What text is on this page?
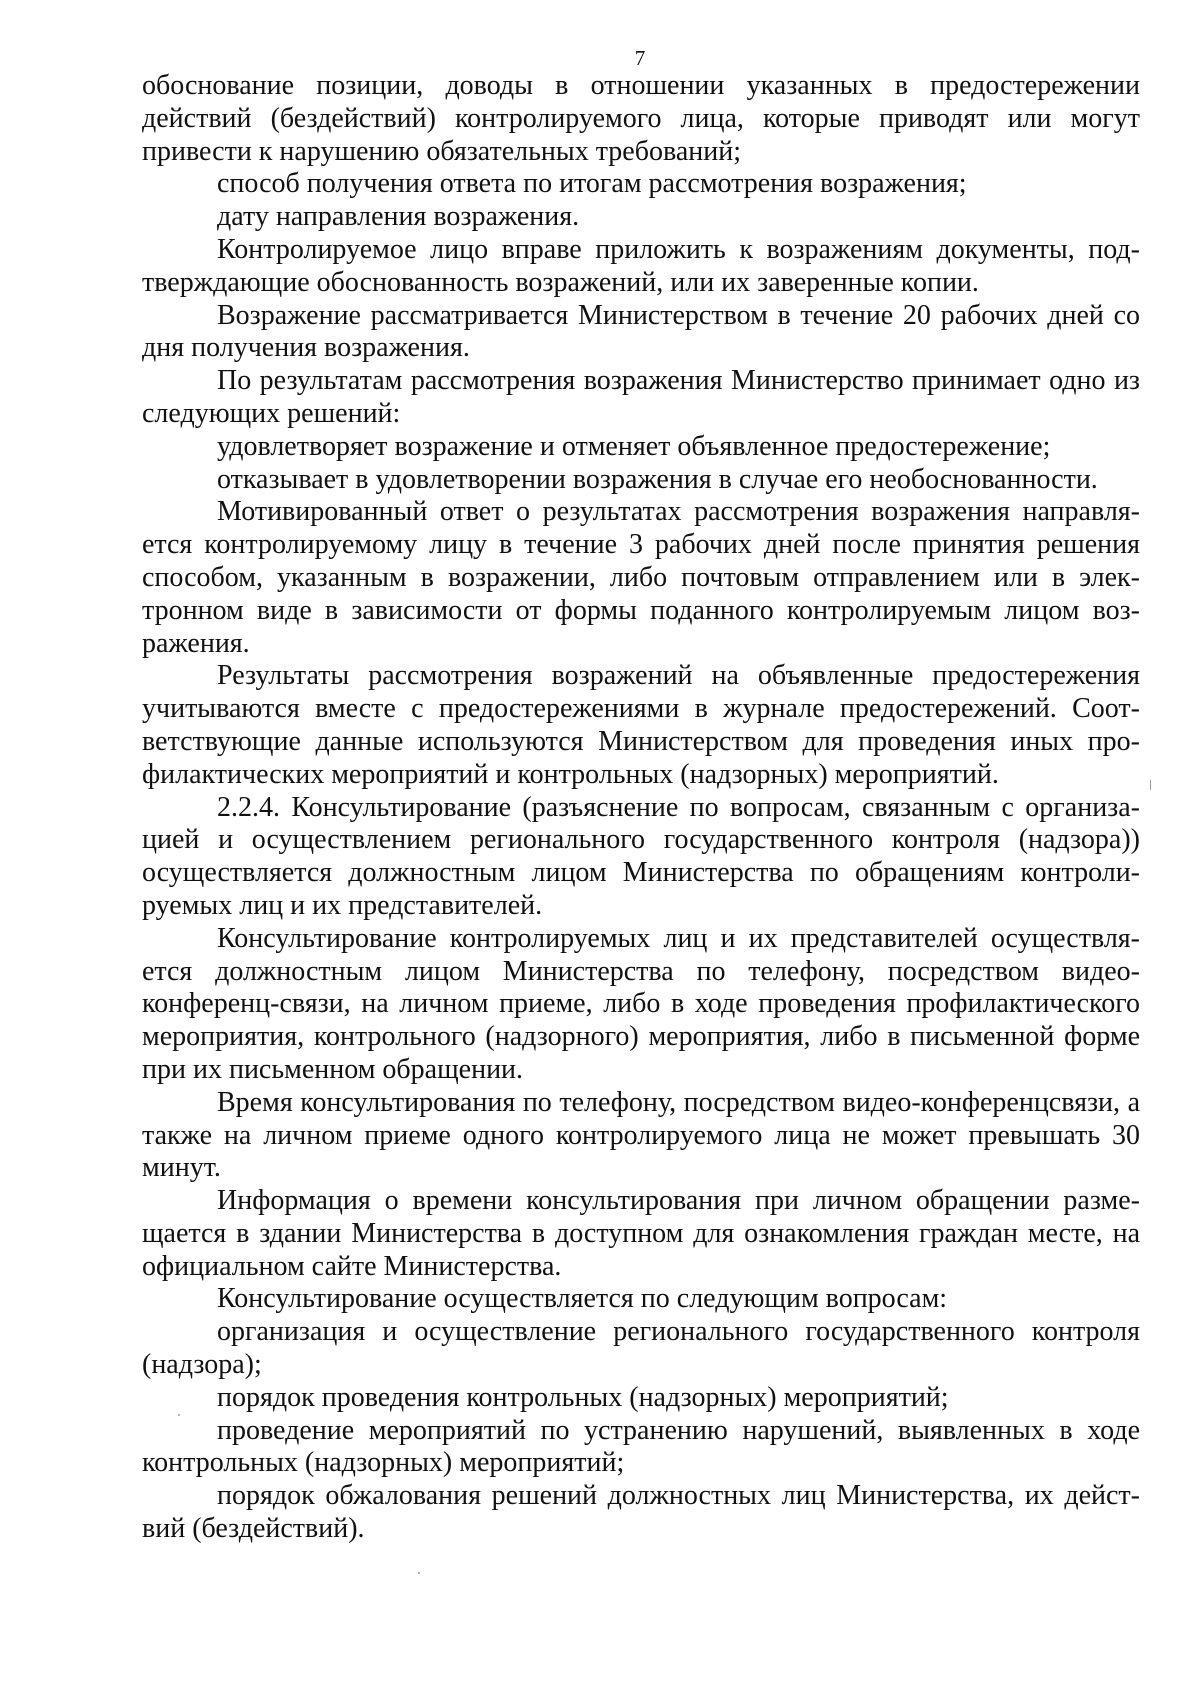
7

обоснование позиции, доводы в отношении указанных в предостережении действий (бездействий) контролируемого лица, которые приводят или могут привести к нарушению обязательных требований;

способ получения ответа по итогам рассмотрения возражения;

дату направления возражения.

Контролируемое лицо вправе приложить к возражениям документы, подтверждающие обоснованность возражений, или их заверенные копии.

Возражение рассматривается Министерством в течение 20 рабочих дней со дня получения возражения.

По результатам рассмотрения возражения Министерство принимает одно из следующих решений:

удовлетворяет возражение и отменяет объявленное предостережение;

отказывает в удовлетворении возражения в случае его необоснованности.

Мотивированный ответ о результатах рассмотрения возражения направляется контролируемому лицу в течение 3 рабочих дней после принятия решения способом, указанным в возражении, либо почтовым отправлением или в электронном виде в зависимости от формы поданного контролируемым лицом возражения.

Результаты рассмотрения возражений на объявленные предостережения учитываются вместе с предостережениями в журнале предостережений. Соответствующие данные используются Министерством для проведения иных профилактических мероприятий и контрольных (надзорных) мероприятий.

2.2.4. Консультирование (разъяснение по вопросам, связанным с организацией и осуществлением регионального государственного контроля (надзора)) осуществляется должностным лицом Министерства по обращениям контролируемых лиц и их представителей.

Консультирование контролируемых лиц и их представителей осуществляется должностным лицом Министерства по телефону, посредством видеоконференц-связи, на личном приеме, либо в ходе проведения профилактического мероприятия, контрольного (надзорного) мероприятия, либо в письменной форме при их письменном обращении.

Время консультирования по телефону, посредством видео-конференцсвязи, а также на личном приеме одного контролируемого лица не может превышать 30 минут.

Информация о времени консультирования при личном обращении размещается в здании Министерства в доступном для ознакомления граждан месте, на официальном сайте Министерства.

Консультирование осуществляется по следующим вопросам:

организация и осуществление регионального государственного контроля (надзора);

порядок проведения контрольных (надзорных) мероприятий;

проведение мероприятий по устранению нарушений, выявленных в ходе контрольных (надзорных) мероприятий;

порядок обжалования решений должностных лиц Министерства, их действий (бездействий).
